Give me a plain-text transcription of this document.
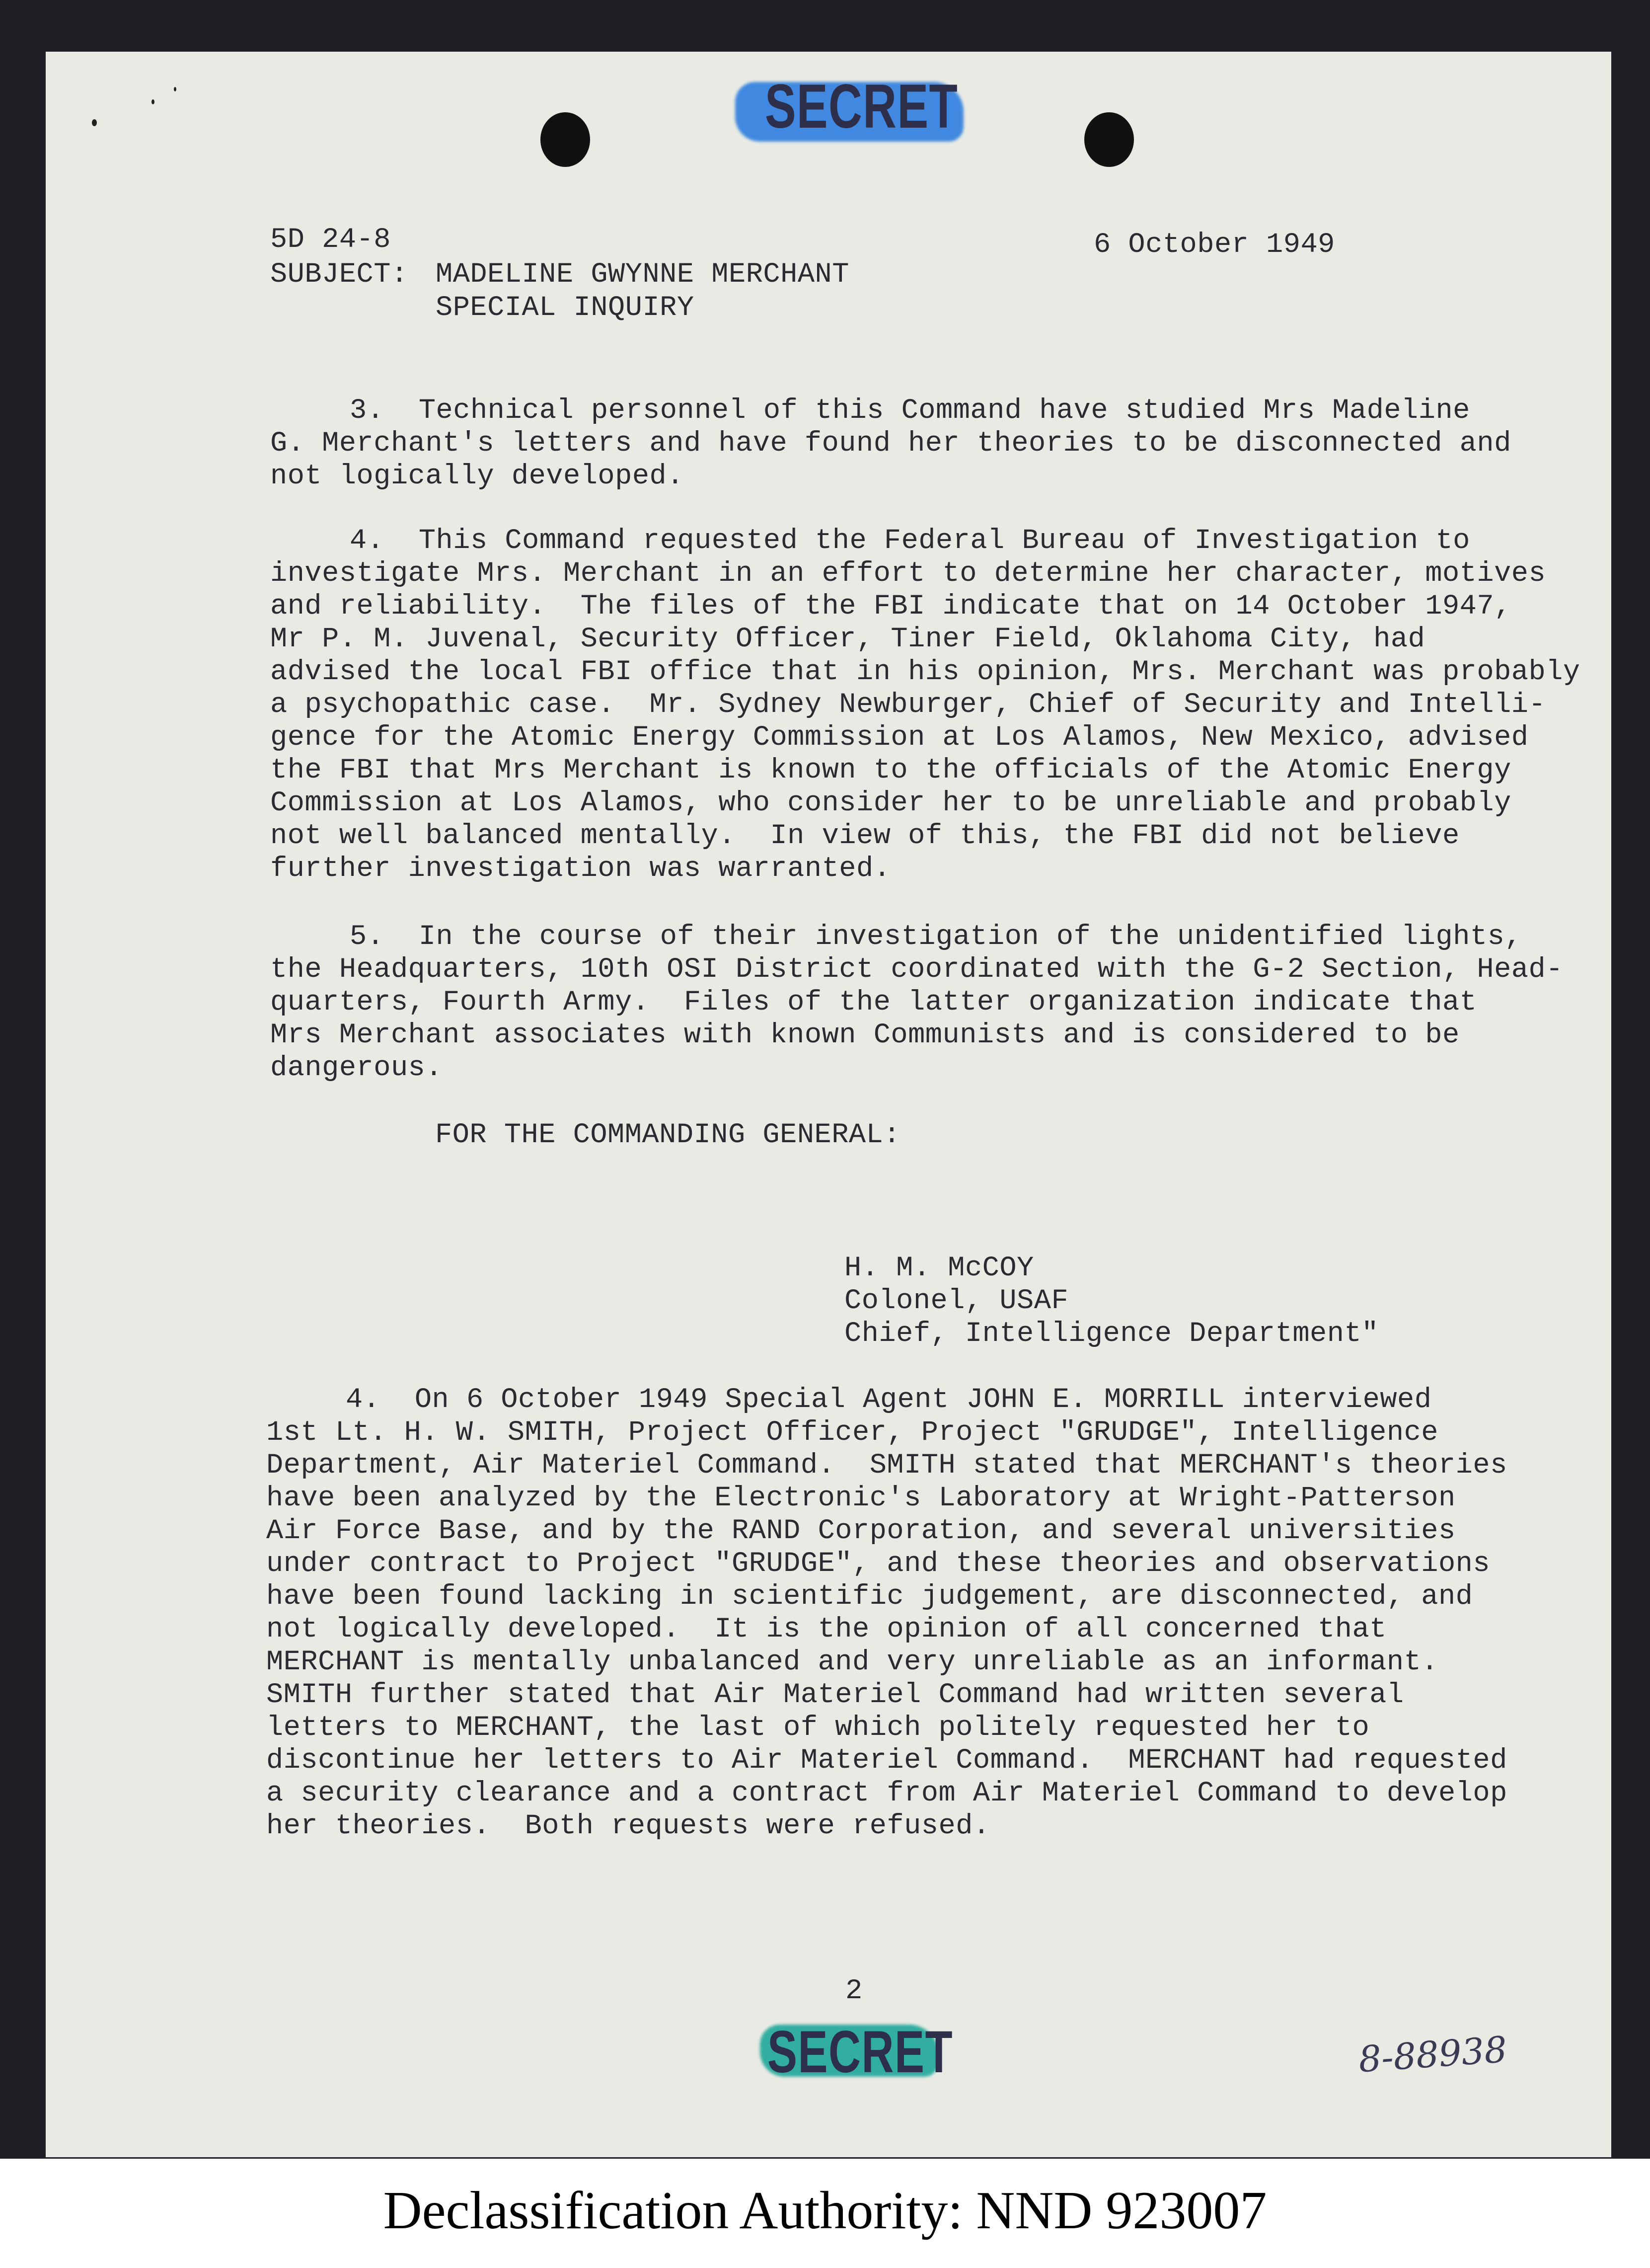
SECRET
5D 24-8	6 October 1949
SUBJECT: MADELINE GWYNNE MERCHANT
SPECIAL INQUIRY
3.  Technical personnel of this Command have studied Mrs Madeline
G. Merchant's letters and have found her theories to be disconnected and
not logically developed.
4.  This Command requested the Federal Bureau of Investigation to
investigate Mrs. Merchant in an effort to determine her character, motives
and reliability.  The files of the FBI indicate that on 14 October 1947,
Mr P. M. Juvenal, Security Officer, Tiner Field, Oklahoma City, had
advised the local FBI office that in his opinion, Mrs. Merchant was probably
a psychopathic case.  Mr. Sydney Newburger, Chief of Security and Intelli-
gence for the Atomic Energy Commission at Los Alamos, New Mexico, advised
the FBI that Mrs Merchant is known to the officials of the Atomic Energy
Commission at Los Alamos, who consider her to be unreliable and probably
not well balanced mentally.  In view of this, the FBI did not believe
further investigation was warranted.
5.  In the course of their investigation of the unidentified lights,
the Headquarters, 10th OSI District coordinated with the G-2 Section, Head-
quarters, Fourth Army.  Files of the latter organization indicate that
Mrs Merchant associates with known Communists and is considered to be
dangerous.
FOR THE COMMANDING GENERAL:
H. M. McCOY
Colonel, USAF
Chief, Intelligence Department"
4.  On 6 October 1949 Special Agent JOHN E. MORRILL interviewed
1st Lt. H. W. SMITH, Project Officer, Project "GRUDGE", Intelligence
Department, Air Materiel Command.  SMITH stated that MERCHANT's theories
have been analyzed by the Electronic's Laboratory at Wright-Patterson
Air Force Base, and by the RAND Corporation, and several universities
under contract to Project "GRUDGE", and these theories and observations
have been found lacking in scientific judgement, are disconnected, and
not logically developed.  It is the opinion of all concerned that
MERCHANT is mentally unbalanced and very unreliable as an informant.
SMITH further stated that Air Materiel Command had written several
letters to MERCHANT, the last of which politely requested her to
discontinue her letters to Air Materiel Command.  MERCHANT had requested
a security clearance and a contract from Air Materiel Command to develop
her theories.  Both requests were refused.
2
SECRET	8-88938
Declassification Authority: NND 923007
